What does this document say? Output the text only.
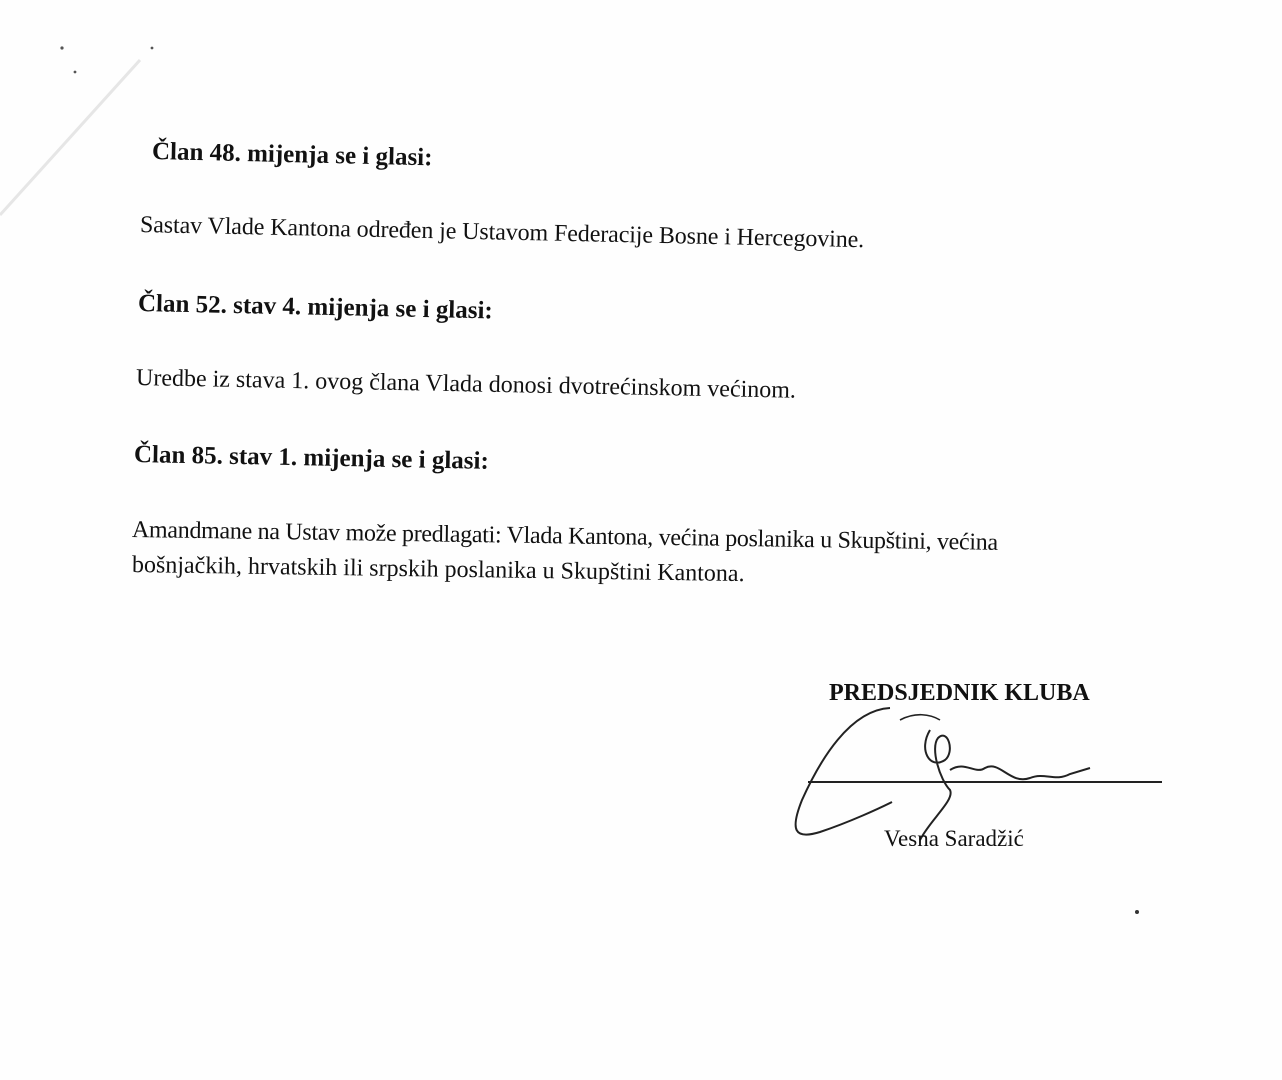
Član 48. mijenja se i glasi:
Sastav Vlade Kantona određen je Ustavom Federacije Bosne i Hercegovine.
Član 52. stav 4. mijenja se i glasi:
Uredbe iz stava 1. ovog člana Vlada donosi dvotrećinskom većinom.
Član 85. stav 1. mijenja se i glasi:
Amandmane na Ustav može predlagati: Vlada Kantona, većina poslanika u Skupštini, većina
bošnjačkih, hrvatskih ili srpskih poslanika u Skupštini Kantona.
PREDSJEDNIK KLUBA
Vesna Saradžić
